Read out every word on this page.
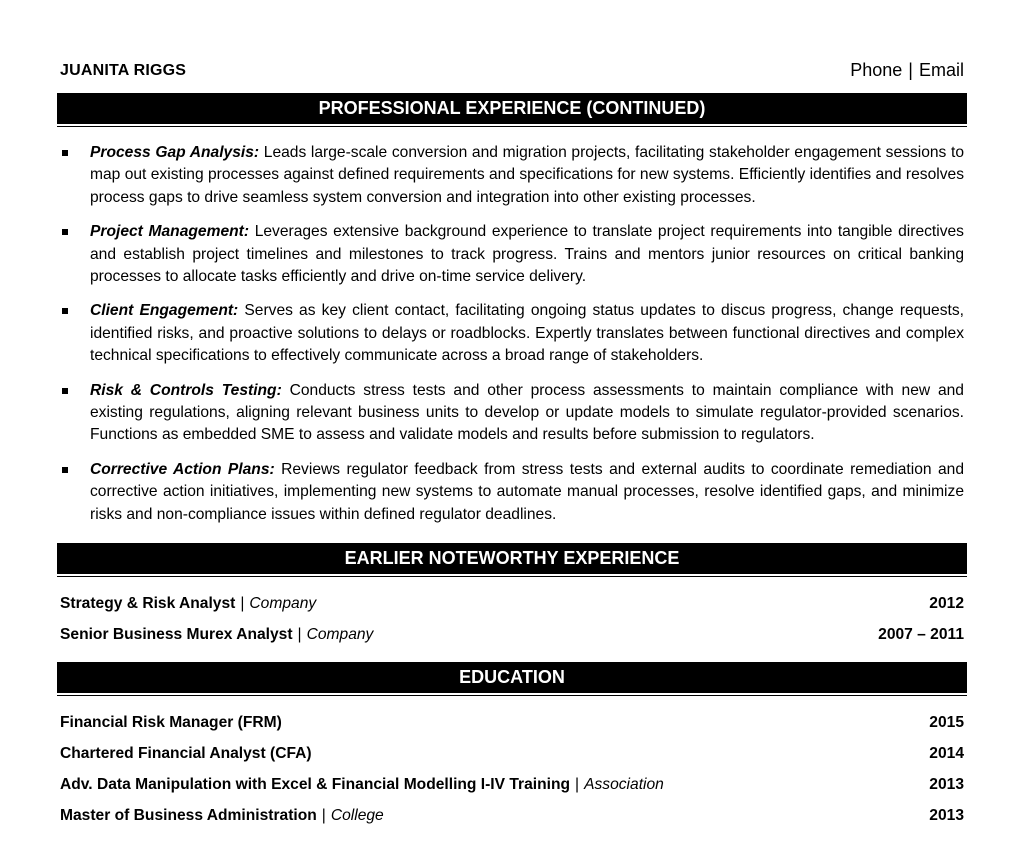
JUANITA RIGGS	Phone | Email
PROFESSIONAL EXPERIENCE (CONTINUED)
Process Gap Analysis: Leads large-scale conversion and migration projects, facilitating stakeholder engagement sessions to map out existing processes against defined requirements and specifications for new systems. Efficiently identifies and resolves process gaps to drive seamless system conversion and integration into other existing processes.
Project Management: Leverages extensive background experience to translate project requirements into tangible directives and establish project timelines and milestones to track progress. Trains and mentors junior resources on critical banking processes to allocate tasks efficiently and drive on-time service delivery.
Client Engagement: Serves as key client contact, facilitating ongoing status updates to discus progress, change requests, identified risks, and proactive solutions to delays or roadblocks. Expertly translates between functional directives and complex technical specifications to effectively communicate across a broad range of stakeholders.
Risk & Controls Testing: Conducts stress tests and other process assessments to maintain compliance with new and existing regulations, aligning relevant business units to develop or update models to simulate regulator-provided scenarios. Functions as embedded SME to assess and validate models and results before submission to regulators.
Corrective Action Plans: Reviews regulator feedback from stress tests and external audits to coordinate remediation and corrective action initiatives, implementing new systems to automate manual processes, resolve identified gaps, and minimize risks and non-compliance issues within defined regulator deadlines.
EARLIER NOTEWORTHY EXPERIENCE
Strategy & Risk Analyst | Company	2012
Senior Business Murex Analyst | Company	2007 – 2011
EDUCATION
Financial Risk Manager (FRM)	2015
Chartered Financial Analyst (CFA)	2014
Adv. Data Manipulation with Excel & Financial Modelling I-IV Training | Association	2013
Master of Business Administration | College	2013
